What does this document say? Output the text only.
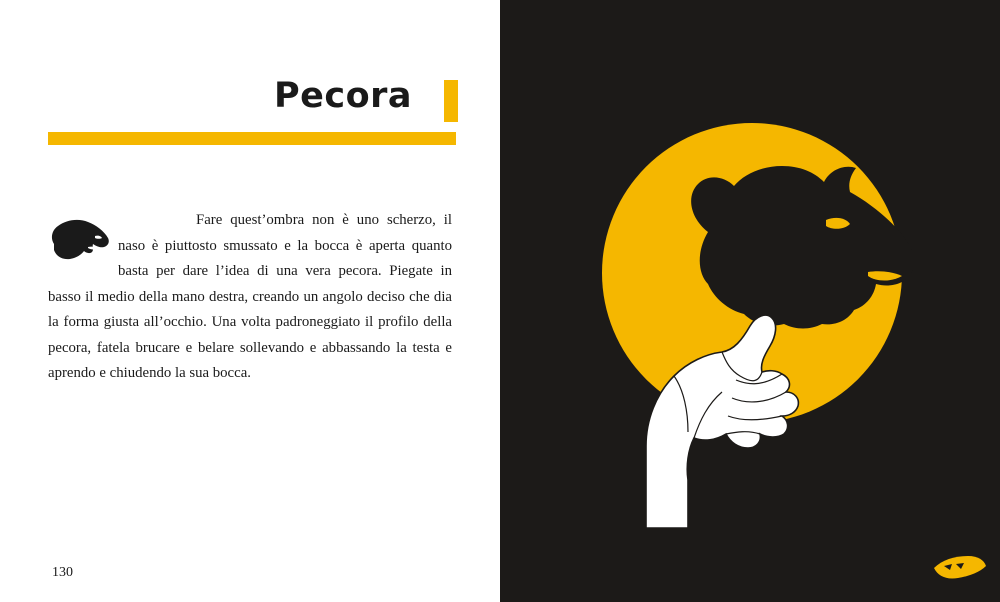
Pecora

Fare quest’ombra non è uno scherzo, il naso è piuttosto smussato e la bocca è aperta quanto basta per dare l’idea di una vera pecora. Piegate in basso il medio della mano destra, creando un angolo deciso che dia la forma giusta all’occhio. Una volta padroneggiato il profilo della pecora, fatela brucare e belare sollevando e abbassando la testa e aprendo e chiudendo la sua bocca.

130
